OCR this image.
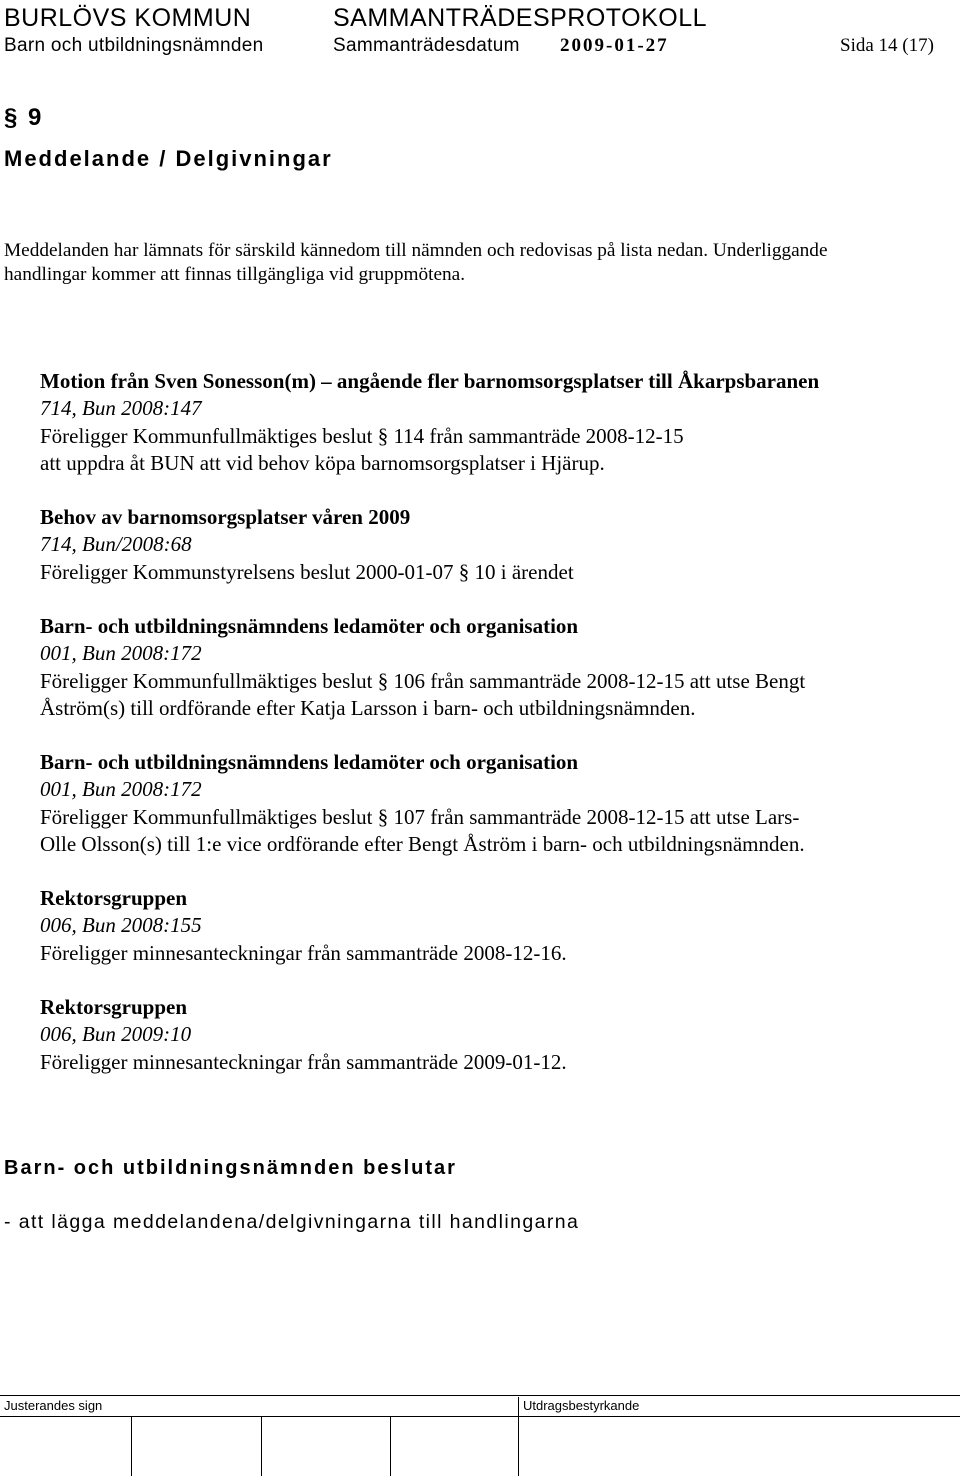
BURLÖVS KOMMUN	SAMMANTRÄDESPROTOKOLL
Barn och utbildningsnämnden	Sammanträdesdatum 2009-01-27	Sida 14 (17)
§ 9
Meddelande / Delgivningar
Meddelanden har lämnats för särskild kännedom till nämnden och redovisas på lista nedan. Underliggande
handlingar kommer att finnas tillgängliga vid gruppmötena.
Motion från Sven Sonesson(m) – angående fler barnomsorgsplatser till Åkarpsbaranen
714, Bun 2008:147
Föreligger Kommunfullmäktiges beslut § 114 från sammanträde 2008-12-15
att uppdra åt BUN att vid behov köpa barnomsorgsplatser i Hjärup.
Behov av barnomsorgsplatser våren 2009
714, Bun/2008:68
Föreligger Kommunstyrelsens beslut 2000-01-07 § 10 i ärendet
Barn- och utbildningsnämndens ledamöter och organisation
001, Bun 2008:172
Föreligger Kommunfullmäktiges beslut § 106 från sammanträde 2008-12-15 att utse Bengt
Åström(s) till ordförande efter Katja Larsson i barn- och utbildningsnämnden.
Barn- och utbildningsnämndens ledamöter och organisation
001, Bun 2008:172
Föreligger Kommunfullmäktiges beslut § 107 från sammanträde 2008-12-15 att utse Lars-
Olle Olsson(s) till 1:e vice ordförande efter Bengt Åström i barn- och utbildningsnämnden.
Rektorsgruppen
006, Bun 2008:155
Föreligger minnesanteckningar från sammanträde 2008-12-16.
Rektorsgruppen
006, Bun 2009:10
Föreligger minnesanteckningar från sammanträde 2009-01-12.
Barn- och utbildningsnämnden beslutar
- att lägga meddelandena/delgivningarna till handlingarna
Justerandes sign	Utdragsbestyrkande
